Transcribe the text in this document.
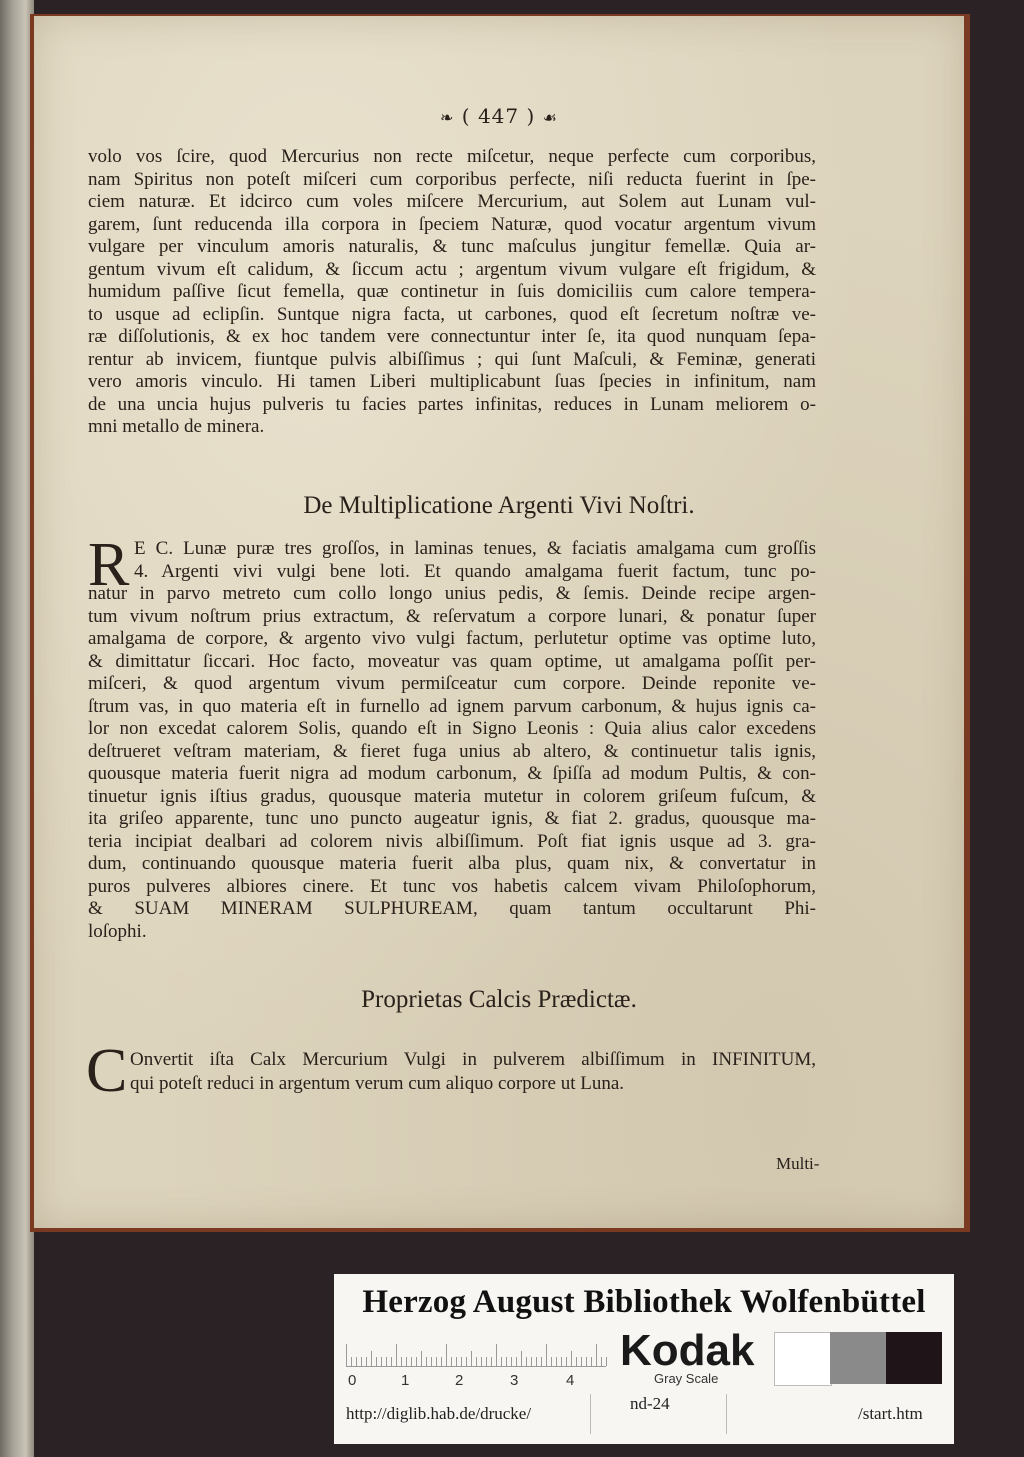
❧ ( 447 ) ☙
volo vos ſcire, quod Mercurius non recte miſcetur, neque perfecte cum corporibus,
nam Spiritus non poteſt miſceri cum corporibus perfecte, niſi reducta fuerint in ſpe-
ciem naturæ. Et idcirco cum voles miſcere Mercurium, aut Solem aut Lunam vul-
garem, ſunt reducenda illa corpora in ſpeciem Naturæ, quod vocatur argentum vivum
vulgare per vinculum amoris naturalis, & tunc maſculus jungitur femellæ. Quia ar-
gentum vivum eſt calidum, & ſiccum actu ; argentum vivum vulgare eſt frigidum, &
humidum paſſive ſicut femella, quæ continetur in ſuis domiciliis cum calore tempera-
to usque ad eclipſin. Suntque nigra facta, ut carbones, quod eſt ſecretum noſtræ ve-
ræ diſſolutionis, & ex hoc tandem vere connectuntur inter ſe, ita quod nunquam ſepa-
rentur ab invicem, fiuntque pulvis albiſſimus ; qui ſunt Maſculi, & Feminæ, generati
vero amoris vinculo. Hi tamen Liberi multiplicabunt ſuas ſpecies in infinitum, nam
de una uncia hujus pulveris tu facies partes infinitas, reduces in Lunam meliorem o-
mni metallo de minera.
De Multiplicatione Argenti Vivi Noſtri.
R E C. Lunæ puræ tres groſſos, in laminas tenues, & faciatis amalgama cum groſſis
4. Argenti vivi vulgi bene loti. Et quando amalgama fuerit factum, tunc po-
natur in parvo metreto cum collo longo unius pedis, & ſemis. Deinde recipe argen-
tum vivum noſtrum prius extractum, & reſervatum a corpore lunari, & ponatur ſuper
amalgama de corpore, & argento vivo vulgi factum, perlutetur optime vas optime luto,
& dimittatur ſiccari. Hoc facto, moveatur vas quam optime, ut amalgama poſſit per-
miſceri, & quod argentum vivum permiſceatur cum corpore. Deinde reponite ve-
ſtrum vas, in quo materia eſt in furnello ad ignem parvum carbonum, & hujus ignis ca-
lor non excedat calorem Solis, quando eſt in Signo Leonis : Quia alius calor excedens
deſtrueret veſtram materiam, & fieret fuga unius ab altero, & continuetur talis ignis,
quousque materia fuerit nigra ad modum carbonum, & ſpiſſa ad modum Pultis, & con-
tinuetur ignis iſtius gradus, quousque materia mutetur in colorem griſeum fuſcum, &
ita griſeo apparente, tunc uno puncto augeatur ignis, & fiat 2. gradus, quousque ma-
teria incipiat dealbari ad colorem nivis albiſſimum. Poſt fiat ignis usque ad 3. gra-
dum, continuando quousque materia fuerit alba plus, quam nix, & convertatur in
puros pulveres albiores cinere. Et tunc vos habetis calcem vivam Philoſophorum,
& SUAM MINERAM SULPHUREAM, quam tantum occultarunt Phi-
loſophi.
Proprietas Calcis Prædictæ.
C Onvertit iſta Calx Mercurium Vulgi in pulverem albiſſimum in INFINITUM,
qui poteſt reduci in argentum verum cum aliquo corpore ut Luna.
Multi-
Herzog August Bibliothek Wolfenbüttel
0	1	2	3	4
Kodak
Gray Scale
http://diglib.hab.de/drucke/
nd-24
/start.htm
